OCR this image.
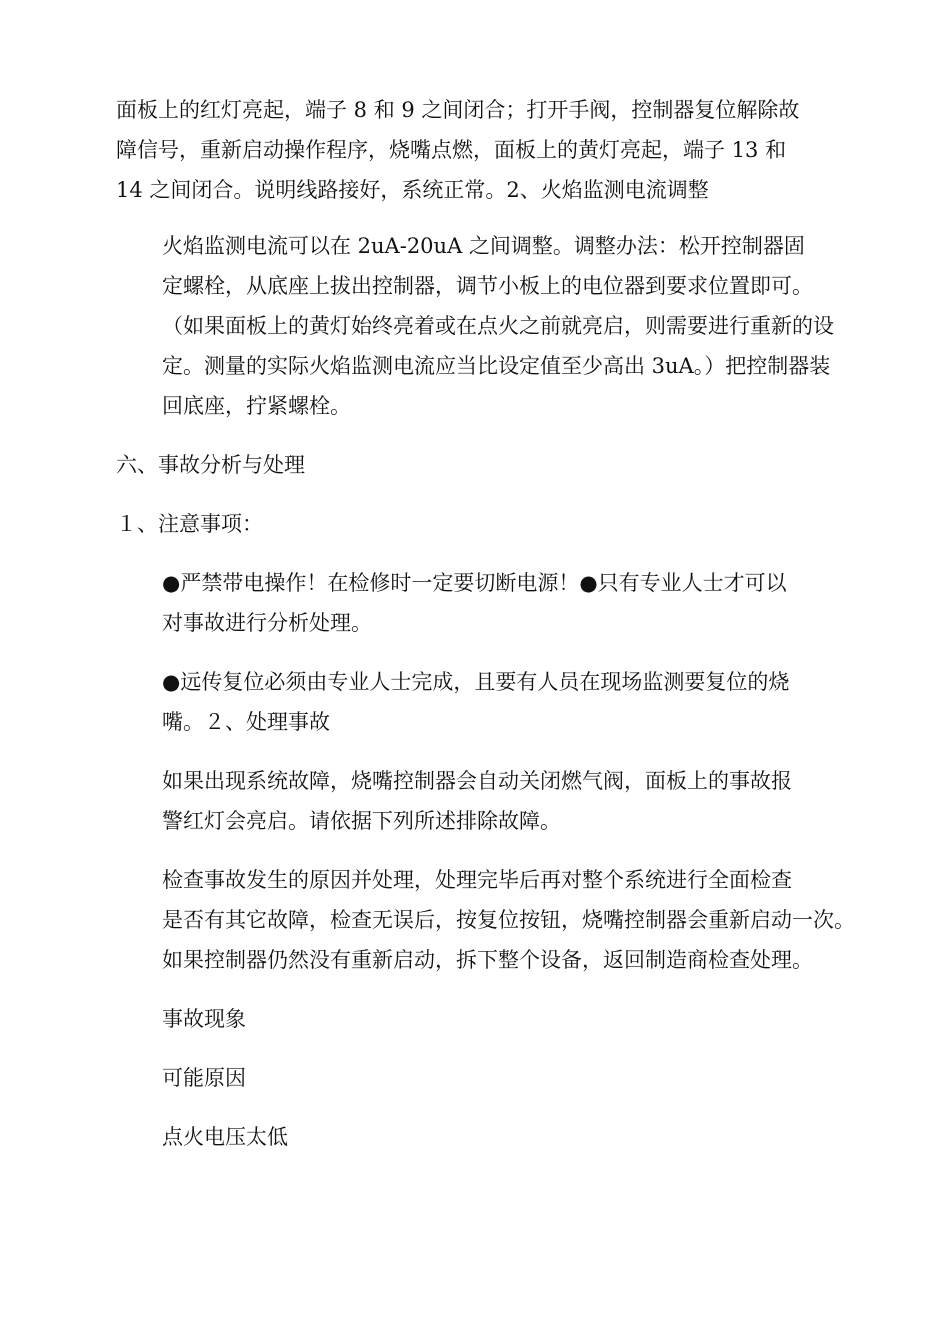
面板上的红灯亮起，端子 8 和 9 之间闭合；打开手阀，控制器复位解除故
障信号，重新启动操作程序，烧嘴点燃，面板上的黄灯亮起，端子 13 和
14 之间闭合。说明线路接好，系统正常。2、火焰监测电流调整

火焰监测电流可以在 2uA-20uA 之间调整。调整办法：松开控制器固
定螺栓，从底座上拔出控制器，调节小板上的电位器到要求位置即可。
（如果面板上的黄灯始终亮着或在点火之前就亮启，则需要进行重新的设
定。测量的实际火焰监测电流应当比设定值至少高出 3uA。）把控制器装
回底座，拧紧螺栓。

六、事故分析与处理

１、注意事项：

●严禁带电操作！在检修时一定要切断电源！●只有专业人士才可以
对事故进行分析处理。

●远传复位必须由专业人士完成，且要有人员在现场监测要复位的烧
嘴。２、处理事故

如果出现系统故障，烧嘴控制器会自动关闭燃气阀，面板上的事故报
警红灯会亮启。请依据下列所述排除故障。

检查事故发生的原因并处理，处理完毕后再对整个系统进行全面检查
是否有其它故障，检查无误后，按复位按钮，烧嘴控制器会重新启动一次。
如果控制器仍然没有重新启动，拆下整个设备，返回制造商检查处理。

事故现象

可能原因

点火电压太低
